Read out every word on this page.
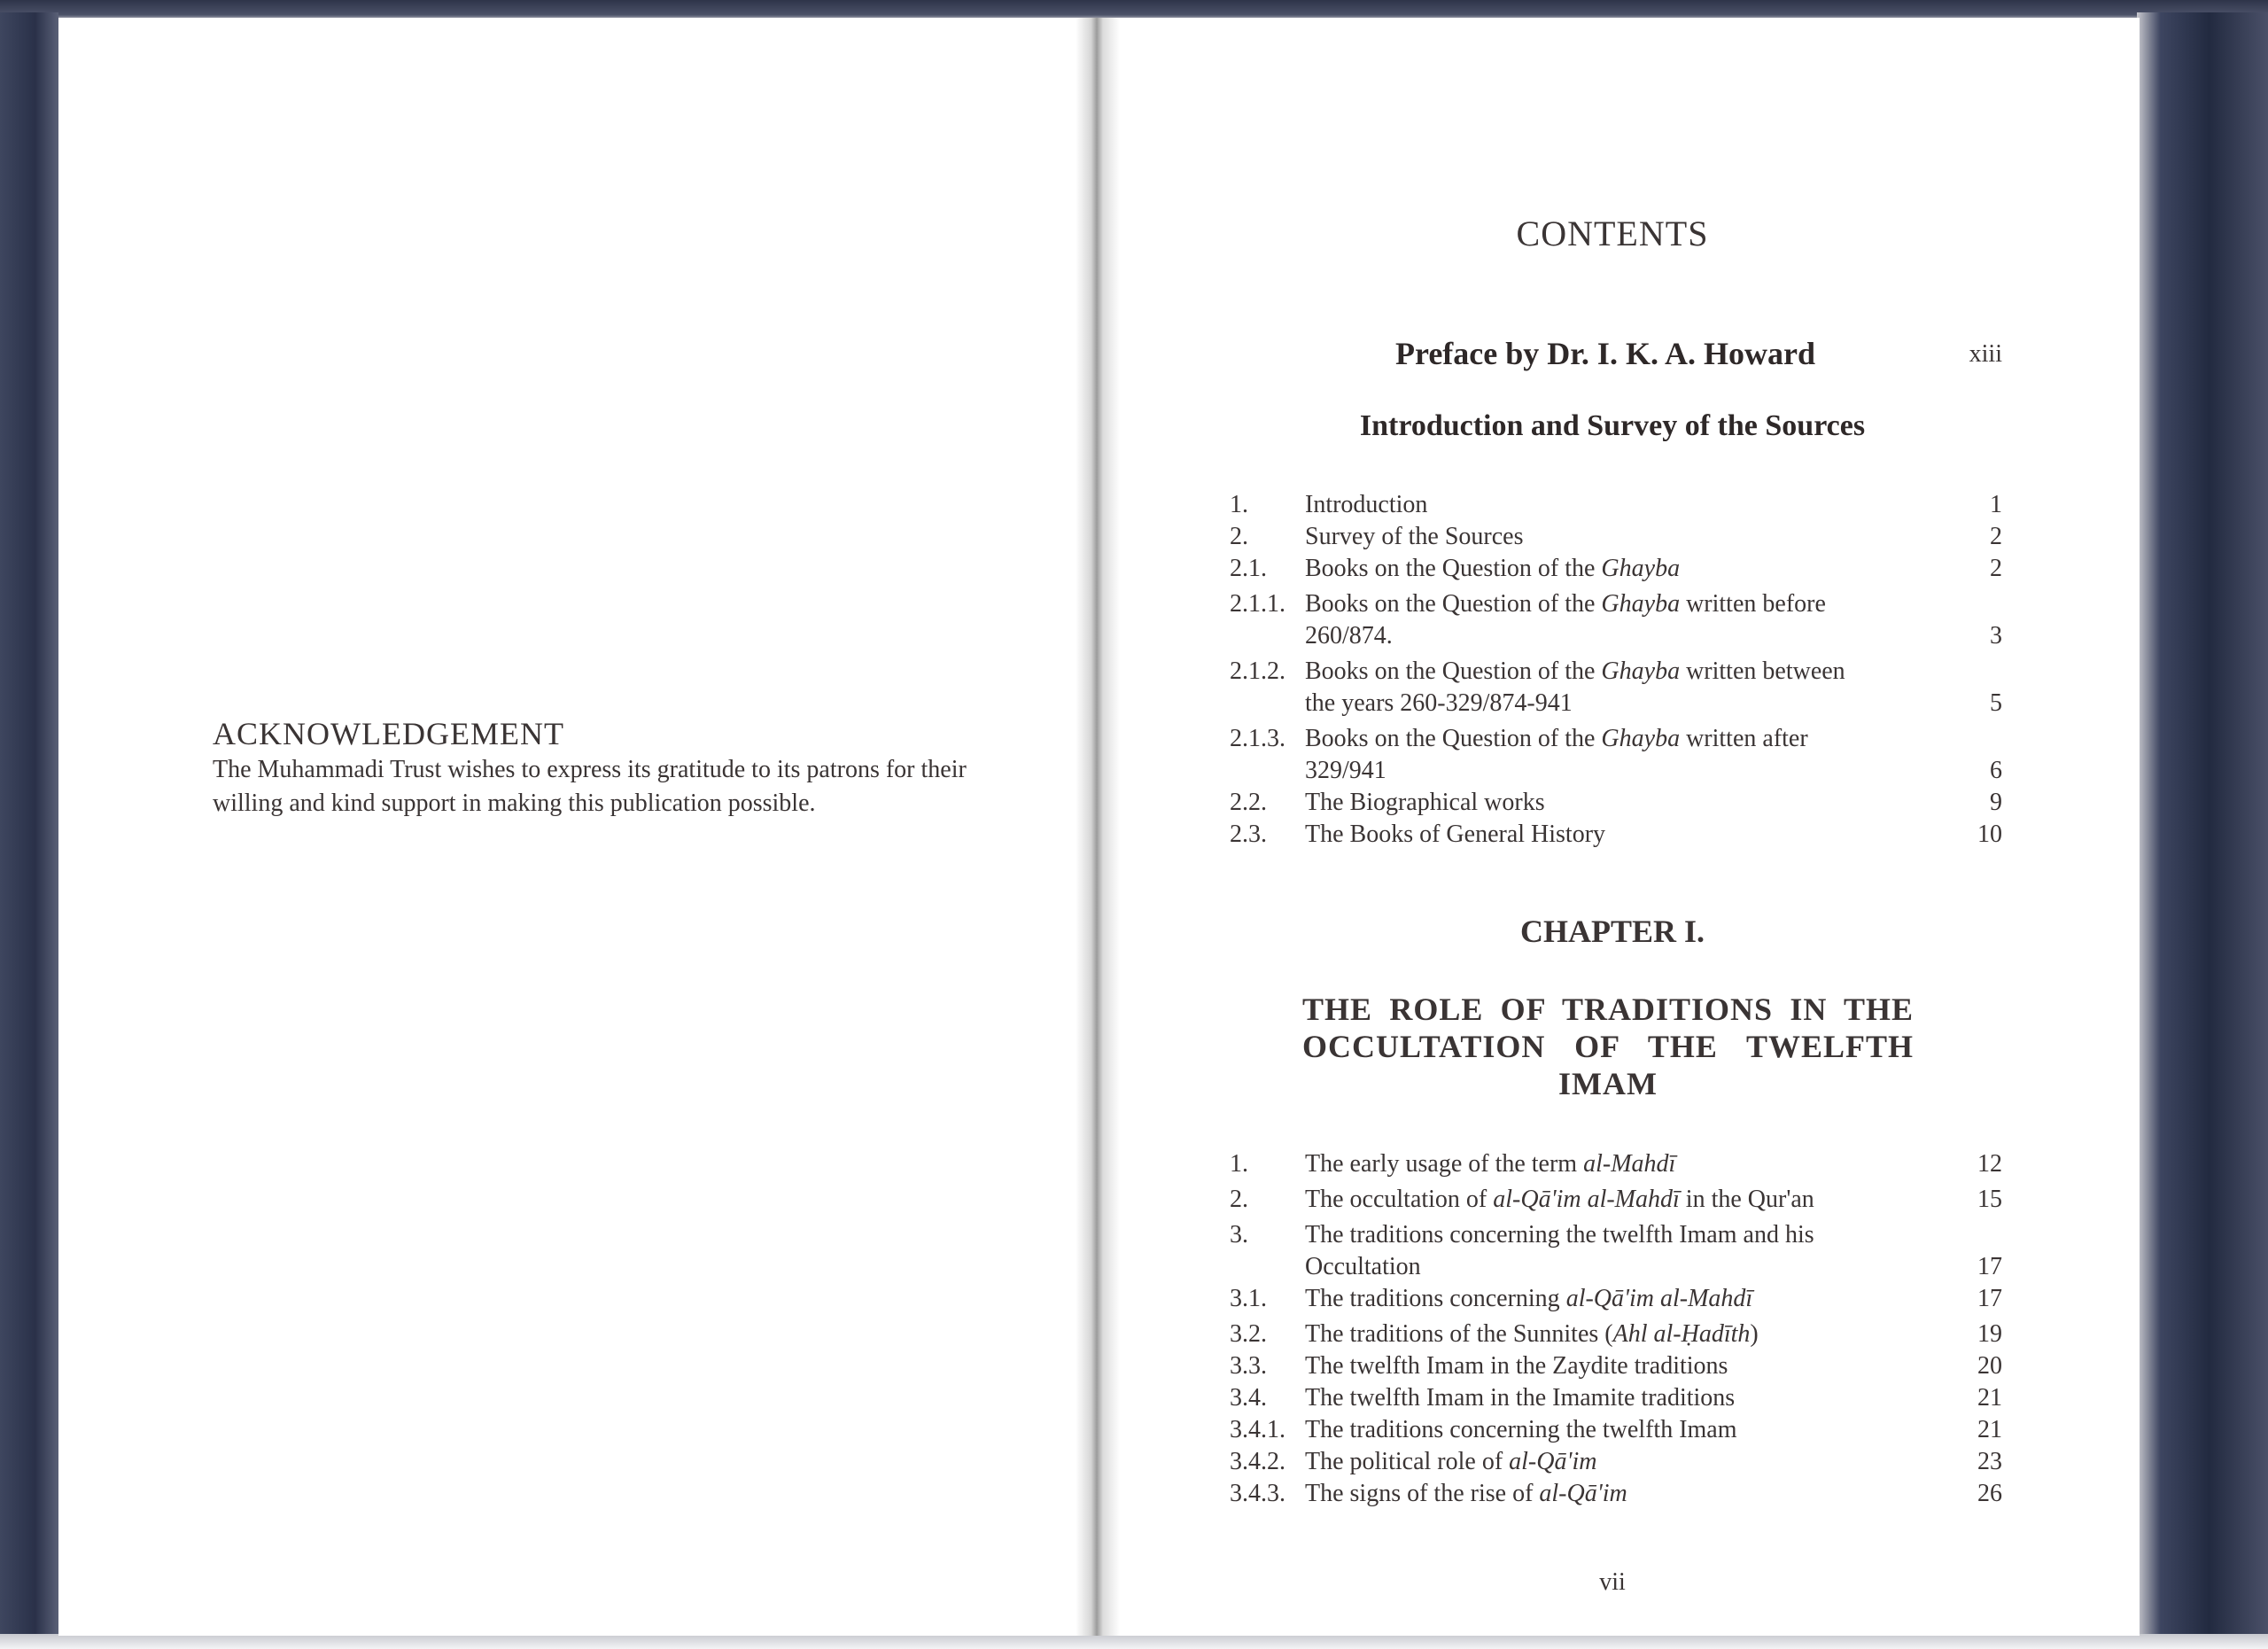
ACKNOWLEDGEMENT

The Muhammadi Trust wishes to express its gratitude to its patrons for their willing and kind support in making this publication possible.

CONTENTS
Preface by Dr. I. K. A. Howard	xiii
Introduction and Survey of the Sources
1.	Introduction	1
2.	Survey of the Sources	2
2.1.	Books on the Question of the Ghayba	2
2.1.1. Books on the Question of the Ghayba written before 260/874.	3
2.1.2. Books on the Question of the Ghayba written between the years 260-329/874-941	5
2.1.3. Books on the Question of the Ghayba written after 329/941	6
2.2.	The Biographical works	9
2.3.	The Books of General History	10
CHAPTER I.

THE ROLE OF TRADITIONS IN THE OCCULTATION OF THE TWELFTH IMAM

1.	The early usage of the term al-Mahdī	12
2.	The occultation of al-Qā'im al-Mahdī in the Qur'an	15
3.	The traditions concerning the twelfth Imam and his Occultation	17
3.1.	The traditions concerning al-Qā'im al-Mahdī	17
3.2.	The traditions of the Sunnites (Ahl al-Ḥadīth)	19
3.3.	The twelfth Imam in the Zaydite traditions	20
3.4.	The twelfth Imam in the Imamite traditions	21
3.4.1. The traditions concerning the twelfth Imam	21
3.4.2. The political role of al-Qā'im	23
3.4.3. The signs of the rise of al-Qā'im	26
vii
